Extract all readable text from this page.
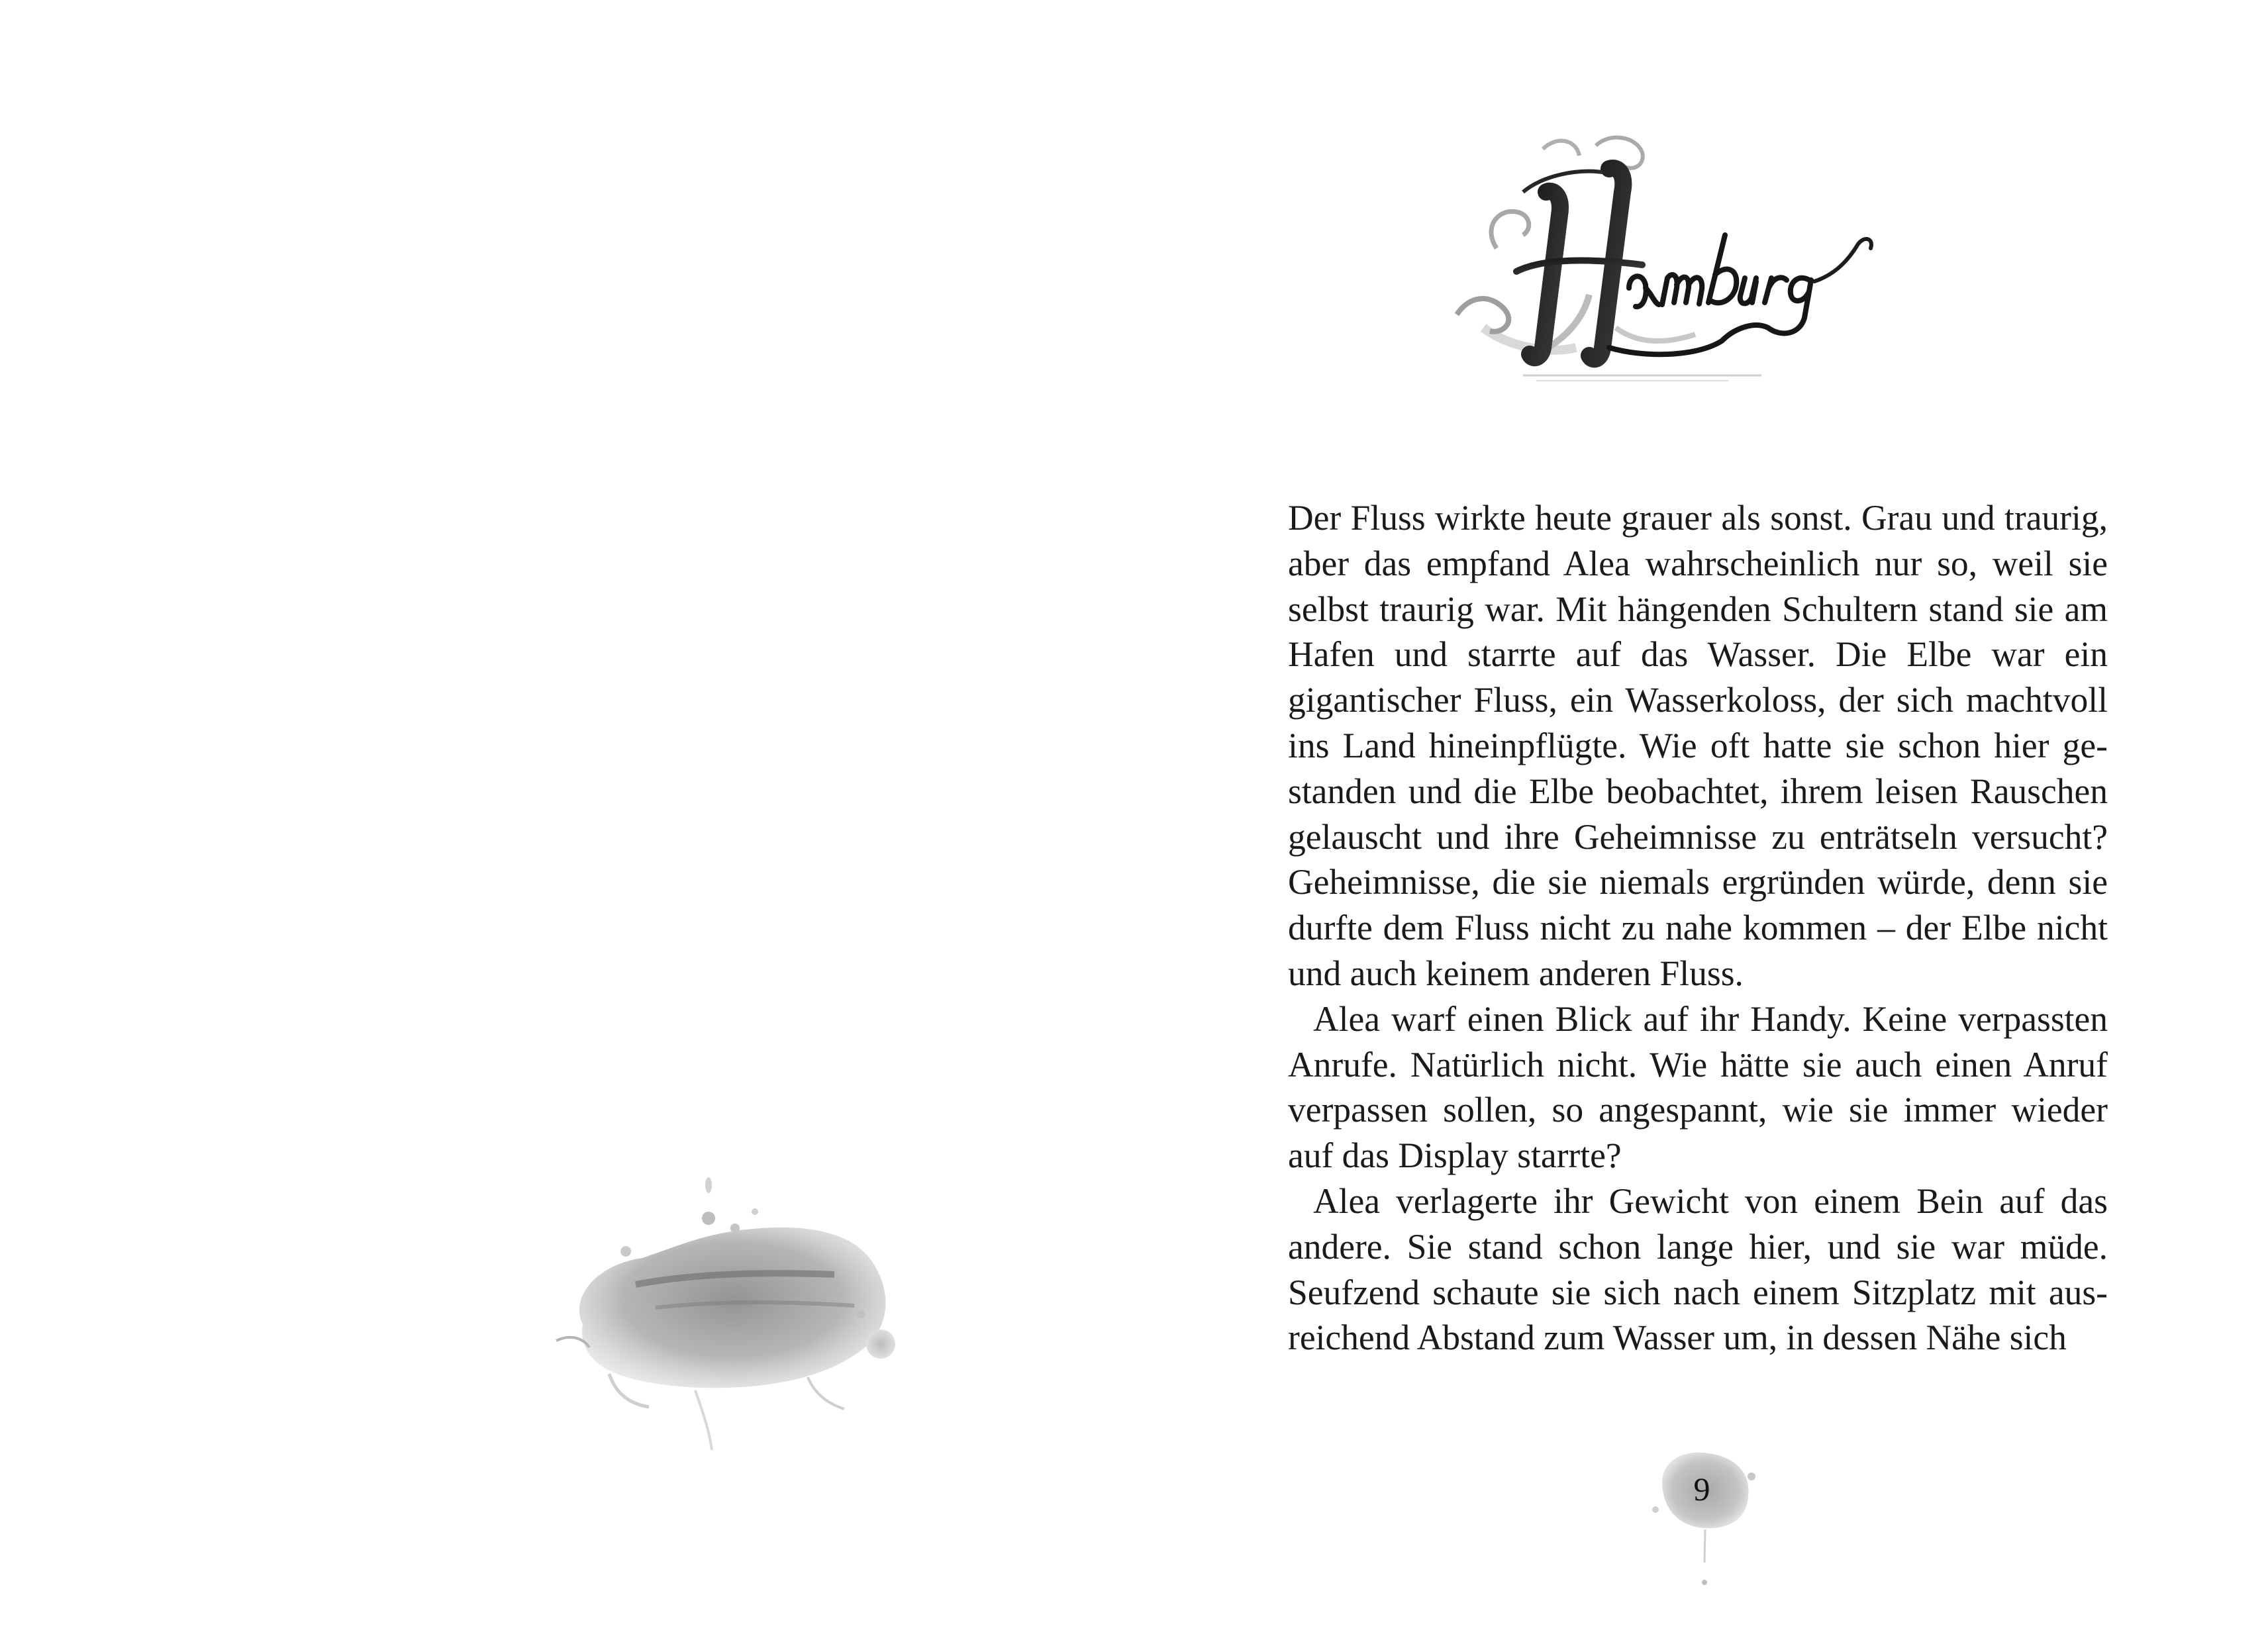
Der Fluss wirkte heute grauer als sonst. Grau und traurig, aber das empfand Alea wahrscheinlich nur so, weil sie selbst traurig war. Mit hängenden Schultern stand sie am Hafen und starrte auf das Wasser. Die Elbe war ein gigantischer Fluss, ein Wasserkoloss, der sich machtvoll ins Land hineinpflügte. Wie oft hatte sie schon hier gestanden und die Elbe beobachtet, ihrem leisen Rauschen gelauscht und ihre Geheimnisse zu enträtseln versucht? Geheimnisse, die sie niemals ergründen würde, denn sie durfte dem Fluss nicht zu nahe kommen – der Elbe nicht und auch keinem anderen Fluss.

Alea warf einen Blick auf ihr Handy. Keine verpassten Anrufe. Natürlich nicht. Wie hätte sie auch einen Anruf verpassen sollen, so angespannt, wie sie immer wieder auf das Display starrte?

Alea verlagerte ihr Gewicht von einem Bein auf das andere. Sie stand schon lange hier, und sie war müde. Seufzend schaute sie sich nach einem Sitzplatz mit ausreichend Abstand zum Wasser um, in dessen Nähe sich

9
